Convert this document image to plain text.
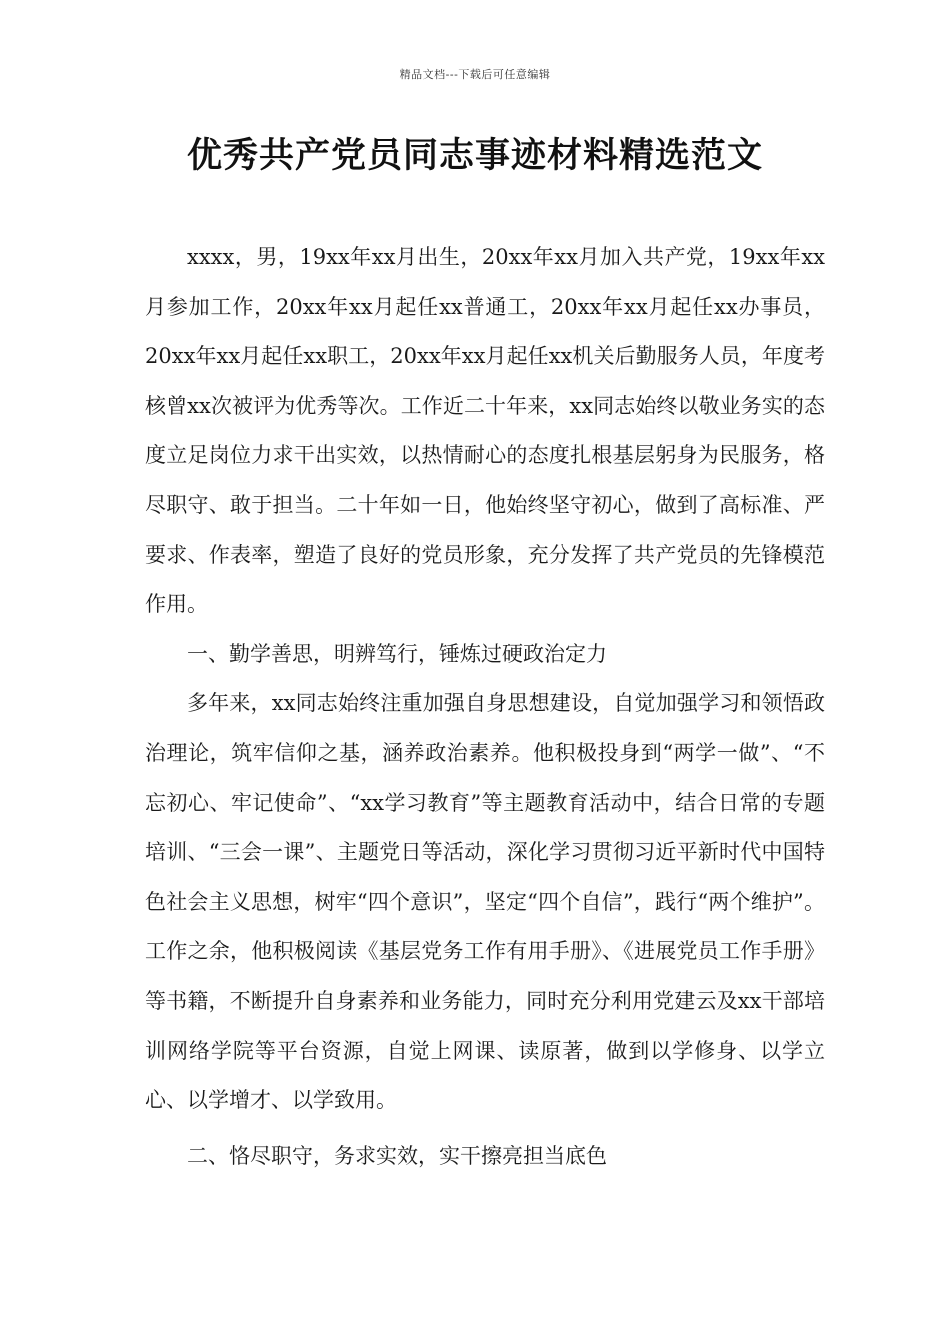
精品文档---下载后可任意编辑
优秀共产党员同志事迹材料精选范文

xxxx，男，19xx年xx月出生，20xx年xx月加入共产党，19xx年xx月参加工作，20xx年xx月起任xx普通工，20xx年xx月起任xx办事员，20xx年xx月起任xx职工，20xx年xx月起任xx机关后勤服务人员，年度考核曾xx次被评为优秀等次。工作近二十年来，xx同志始终以敬业务实的态度立足岗位力求干出实效，以热情耐心的态度扎根基层躬身为民服务，格尽职守、敢于担当。二十年如一日，他始终坚守初心，做到了高标准、严要求、作表率，塑造了良好的党员形象，充分发挥了共产党员的先锋模范作用。

一、勤学善思，明辨笃行，锤炼过硬政治定力

多年来，xx同志始终注重加强自身思想建设，自觉加强学习和领悟政治理论，筑牢信仰之基，涵养政治素养。他积极投身到“两学一做”、“不忘初心、牢记使命”、“xx学习教育”等主题教育活动中，结合日常的专题培训、“三会一课”、主题党日等活动，深化学习贯彻习近平新时代中国特色社会主义思想，树牢“四个意识”，坚定“四个自信”，践行“两个维护”。工作之余，他积极阅读《基层党务工作有用手册》、《进展党员工作手册》等书籍，不断提升自身素养和业务能力，同时充分利用党建云及xx干部培训网络学院等平台资源，自觉上网课、读原著，做到以学修身、以学立心、以学增才、以学致用。

二、恪尽职守，务求实效，实干擦亮担当底色
